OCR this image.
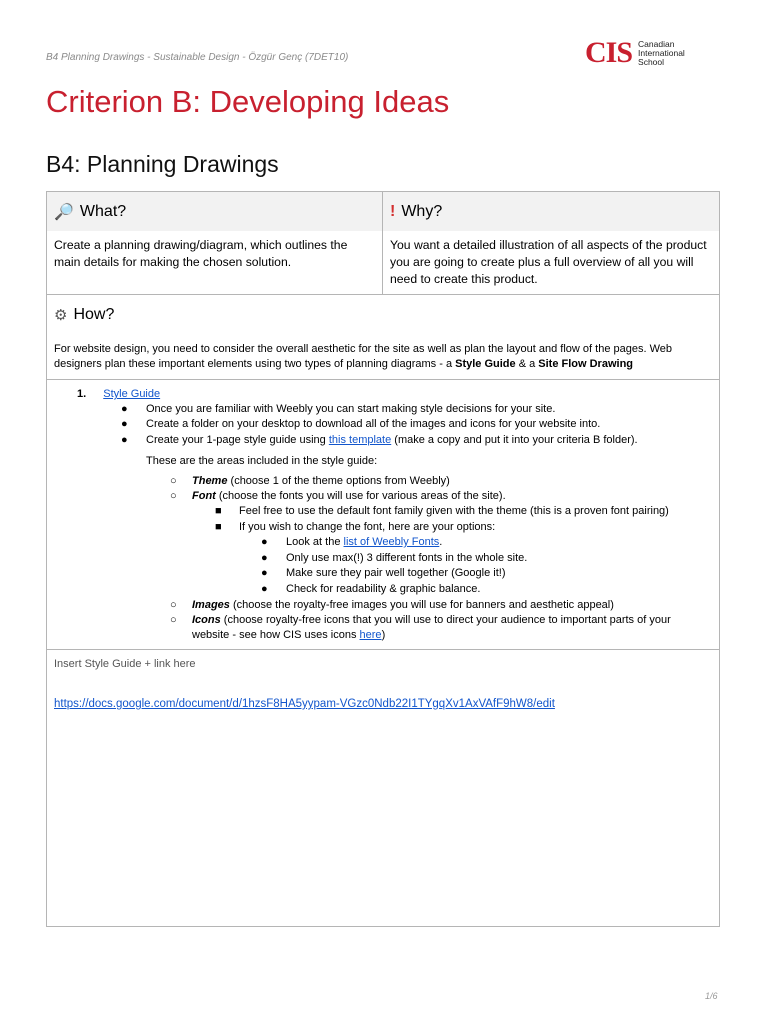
B4 Planning Drawings - Sustainable Design - Özgür Genç (7DET10)	CIS Canadian
International
School
Criterion B: Developing Ideas
B4: Planning Drawings
🔎 What?
Create a planning drawing/diagram, which outlines the main details for making the chosen solution.
! Why?
You want a detailed illustration of all aspects of the product you are going to create plus a full overview of all you will need to create this product.
⚙ How?
For website design, you need to consider the overall aesthetic for the site as well as plan the layout and flow of the pages. Web designers plan these important elements using two types of planning diagrams - a Style Guide & a Site Flow Drawing
1. Style Guide
● Once you are familiar with Weebly you can start making style decisions for your site.
● Create a folder on your desktop to download all of the images and icons for your website into.
● Create your 1-page style guide using this template (make a copy and put it into your criteria B folder).
These are the areas included in the style guide:
○ Theme (choose 1 of the theme options from Weebly)
○ Font (choose the fonts you will use for various areas of the site).
■ Feel free to use the default font family given with the theme (this is a proven font pairing)
■ If you wish to change the font, here are your options:
● Look at the list of Weebly Fonts.
● Only use max(!) 3 different fonts in the whole site.
● Make sure they pair well together (Google it!)
● Check for readability & graphic balance.
○ Images (choose the royalty-free images you will use for banners and aesthetic appeal)
○ Icons (choose royalty-free icons that you will use to direct your audience to important parts of your
website - see how CIS uses icons here)
Insert Style Guide + link here
https://docs.google.com/document/d/1hzsF8HA5yypam-VGzc0Ndb22I1TYgqXv1AxVAfF9hW8/edit
1/6
